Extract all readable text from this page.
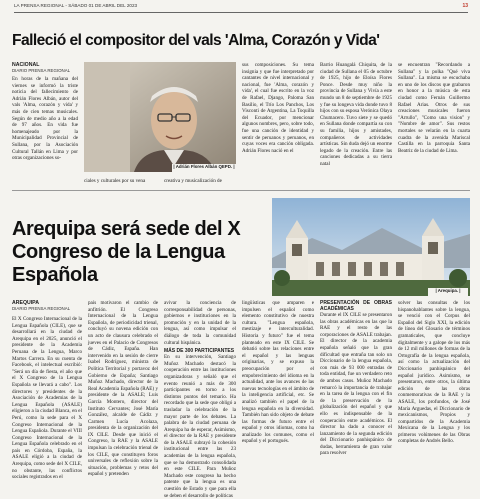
LA PRENSA REGIONAL - SÁBADO 01 DE ABRIL DEL 2023	13
Falleció el compositor del vals 'Alma, Corazón y Vida'
NACIONAL
DIARIO PRENSA REGIONAL

En horas de la mañana del viernes se informó la triste noticia del fallecimiento de Adrián Flores Albán, autor del vals 'Alma, corazón y vida' y más de cien temas musicales. Según de medio año a la edad de 97 años. En vida fue homenajeado por la Municipalidad Provincial de Sullana, por la Asociación Cultural Tallán en Lima y por otras organizaciones so-

| Adrián Flores Albán QEPD. |

ciales y culturales por su vena	creativa y musicalización de

sus composiciones. Su tema insignia y que fue interpretado por cantantes de nivel internacional y nacional, fue 'Alma, corazón y vida', el cual fue escrito en la voz de Rafael, Django, Paloma San Basilio, el Trío Los Panchos, Los Visconti de Argentina, La Toquilla del Ecuador, por mencionar algunos nombres, pero, sobre todo, fue una canción de identidad y sentir de peruanos y peruanos, en cuyas voces era canción obligada. Adrián Flores nació en el

Barrio Huangalá Chiquita, de la ciudad de Sullana el 05 de octubre de 1925, hijo de Eloísa Flores Ponce. Desde muy niño la provincia de Sullana y Vivía a este mundo un 8 de septiembre de 1925 y fue su longeva vida donde tuvo 8 hijos con su esposa Verónica Olaya Chumacero. Tuvo siete y se quedó en Sullana donde compartía su con su familia, hijos y amistades, compañeros de actividades artísticas. Sin duda dejó un enorme legado de la creación. Entre las canciones dedicadas a su tierra natal

se encuentran "Recordando a Sullana" y la polka "Qué viva Sullana". La misma se escuchaba en uno de los discos que grabaron en honor a la música de esta ciudad como Fernán Guillermo Rafael Arias. Otros de sus creaciones musicales fueron "Arrullo", "Como una vision" y "Nombre de amor". Sus restos mortales se velarán en la cuarta cuadra de la avenida Mariscal Castilla en la parroquia Santa Beatriz de la ciudad de Lima.

Arequipa será sede del X Congreso de la Lengua Española
| Arequipa. |
AREQUIPA
DIARIO PRENSA REGIONAL

El X Congreso Internacional de la Lengua Española (CILE), que se desarrollará en la ciudad de Arequipa en el 2025, anunció el presidente de la Academia Peruana de la Lengua, Marco Martos Carrera. En su cuenta de Facebook, el intelectual escribió: "Será un día de fiesta, el año que el X Congreso de la Lengua Española se llevará a cabo". Los directores y presidentes de la Asociación de Academias de la Lengua Española (ASALE) eligieron a la ciudad Blanca, en el Perú, como la sede para el X Congreso Internacional de la Lengua Española. Durante el VIII Congreso Internacional de la Lengua Española celebrado en el país en Córdoba, España, la ASALE eligió a la ciudad de Arequipa, como sede del X CILE, no obstante, las conflictos sociales registrados en el

país motivaron el cambio de anfitrión. El Congreso Internacional de la Lengua Española, de periodicidad trienal, concluyó su novena edición con un acto de clausura celebrado el jueves en el Palacio de Congresos de Cádiz, España. Han intervenido en la sesión de cierre Isabel Rodríguez, ministra de Política Territorial y portavoz del Gobierno de España; Santiago Muñoz Machado, director de la Real Academia Española (RAE) y presidente de la ASALE; Luis García Montero, director del Instituto Cervantes; José María González, alcalde de Cádiz y Carmen Lucía Acolaza, presidenta de la organización del IX CILE. Desde que inició el Congreso, la RAE y la ASALE impulsan la celebración trienal de los CILE, que constituyen foros universales de reflexión sobre la situación, problemas y retos del español y pretenden

avivar la conciencia de corresponsabilidad de personas, gobiernos e instituciones en la promoción y en la unidad de la lengua, así como impulsar el diálogo de toda la comunidad cultural hispánica.

MÁS DE 300 PARTICIPANTES

En su intervención, Santiago Muñoz Machado destacó la cooperación entre las instituciones organizadoras y señaló que el evento reunió a más de 300 participantes en torno a los distintos puntos del temario. Ha recordado que la sede que obligó a trasladar la celebración de la mayor parte de los debates. La palabra de la ciudad peruana de Arequipa ha de esperar, Asimismo, el director de la RAE y presidente de la ASALE subrayó la cohesión institucional entre las 23 academias de la lengua española, que se ha demostrado consolidada en este CILE. Para Muñoz Machado este congreso ha hecho patente que la lengua es una cuestión de Estado y que para ella se deben el desarrollo de políticas

lingüísticas que amparen e impulsen el español como elemento constitutivo de nuestra cultura. "Lengua española, mestizaje e interculturalidad. Historia y futuro" fue el tema planteado en este IX CILE. Se debatió sobre las relaciones entre el español y las lenguas originarias, y se expuso la preocupación por el empobrecimiento del idioma en la actualidad, ante los avances de las nuevas tecnologías en el ámbito de la inteligencia artificial, etc. Se analizó también el papel de la lengua española en la diversidad. También han sido objeto de debate las formas de futuro entre el español y otros idiomas, como ha analizado los comunes, como el español y el portugués.

PRESENTACIÓN DE OBRAS ACADÉMICAS

Durante el IX CILE se presentaron las obras académicas en las que la RAE y el resto de las corporaciones de ASALE trabajan. El director de la academia española señaló que la gran dificultad que entraña tan solo un Diccionario de la lengua española, con más de 93 000 entradas de toda entidad, fue un verdadero reto de ambos casos. Muñoz Machado remarcó la importancia de trabajar en la tarea de la lengua con el fin de la preservación de la globalización del español y que ello es indispensable de la cooperación entre académicos. El director ha dado a conocer el lanzamiento de la segunda edición del Diccionario panhispánico de dudas, herramienta de gran valor para resolver

solver las consultas de los hispanohablantes sobre la lengua, se venció con el Corpus del Español del Siglo XXI, la edición de línea del Glosario de términos gramaticales, que concluye digitalmente y a galope de los más de 12 mil millones de formas de la Ortografía de la lengua española, así como la actualización del Diccionario panhispánico del español jurídico. Asimismo, se presentaron, entre otros, la última edición de las obras conmemorativas de la RAE y la ASALE, los profundos, de José María Arguedas, el Diccionario de mexicanismos, Propios y compartidos de la Academia Mexicana de la Lengua y los primeros volúmenes de las Obras completas de Andrés Bello.
